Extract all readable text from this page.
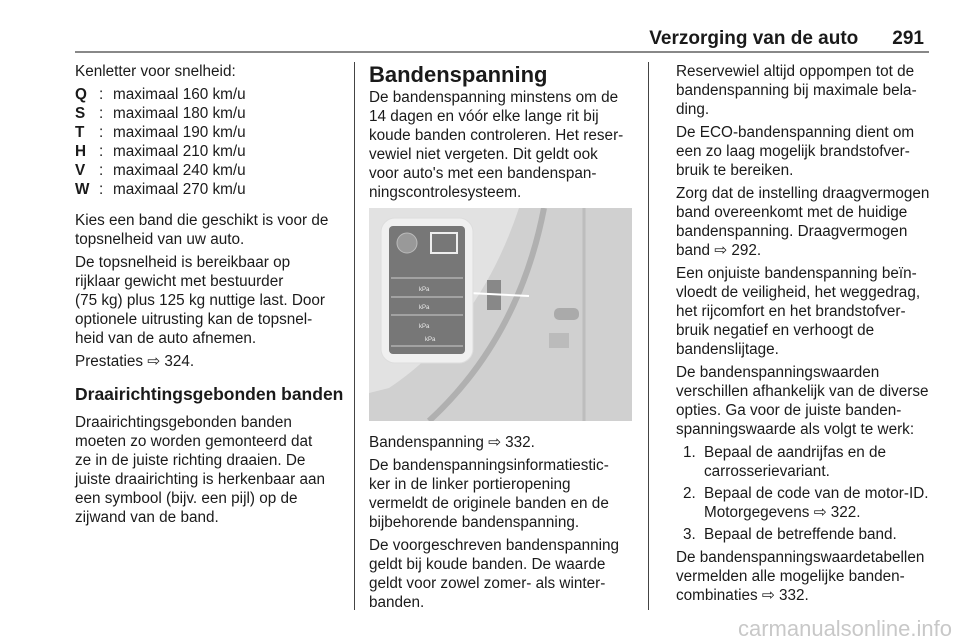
Verzorging van de auto 291
Kenletter voor snelheid:
Q	:	maximaal 160 km/u
S	:	maximaal 180 km/u
T	:	maximaal 190 km/u
H	:	maximaal 210 km/u
V	:	maximaal 240 km/u
W	:	maximaal 270 km/u
Kies een band die geschikt is voor de
topsnelheid van uw auto.
De topsnelheid is bereikbaar op
rijklaar gewicht met bestuurder
(75 kg) plus 125 kg nuttige last. Door
optionele uitrusting kan de topsnel-
heid van de auto afnemen.
Prestaties ⇨ 324.
Draairichtingsgebonden banden
Draairichtingsgebonden banden
moeten zo worden gemonteerd dat
ze in de juiste richting draaien. De
juiste draairichting is herkenbaar aan
een symbool (bijv. een pijl) op de
zijwand van de band.
Bandenspanning
De bandenspanning minstens om de
14 dagen en vóór elke lange rit bij
koude banden controleren. Het reser-
vewiel niet vergeten. Dit geldt ook
voor auto's met een bandenspan-
ningscontrolesysteem.
kPa
kPa
kPa
kPa
Bandenspanning ⇨ 332.
De bandenspanningsinformatiestic-
ker in de linker portieropening
vermeldt de originele banden en de
bijbehorende bandenspanning.
De voorgeschreven bandenspanning
geldt bij koude banden. De waarde
geldt voor zowel zomer- als winter-
banden.
Reservewiel altijd oppompen tot de
bandenspanning bij maximale bela-
ding.
De ECO-bandenspanning dient om
een zo laag mogelijk brandstofver-
bruik te bereiken.
Zorg dat de instelling draagvermogen
band overeenkomt met de huidige
bandenspanning. Draagvermogen
band ⇨ 292.
Een onjuiste bandenspanning beïn-
vloedt de veiligheid, het weggedrag,
het rijcomfort en het brandstofver-
bruik negatief en verhoogt de
bandenslijtage.
De bandenspanningswaarden
verschillen afhankelijk van de diverse
opties. Ga voor de juiste banden-
spanningswaarde als volgt te werk:
1. Bepaal de aandrijfas en de
carrosserievariant.
2. Bepaal de code van de motor-ID.
Motorgegevens ⇨ 322.
3. Bepaal de betreffende band.
De bandenspanningswaardetabellen
vermelden alle mogelijke banden-
combinaties ⇨ 332.
carmanualsonline.info
